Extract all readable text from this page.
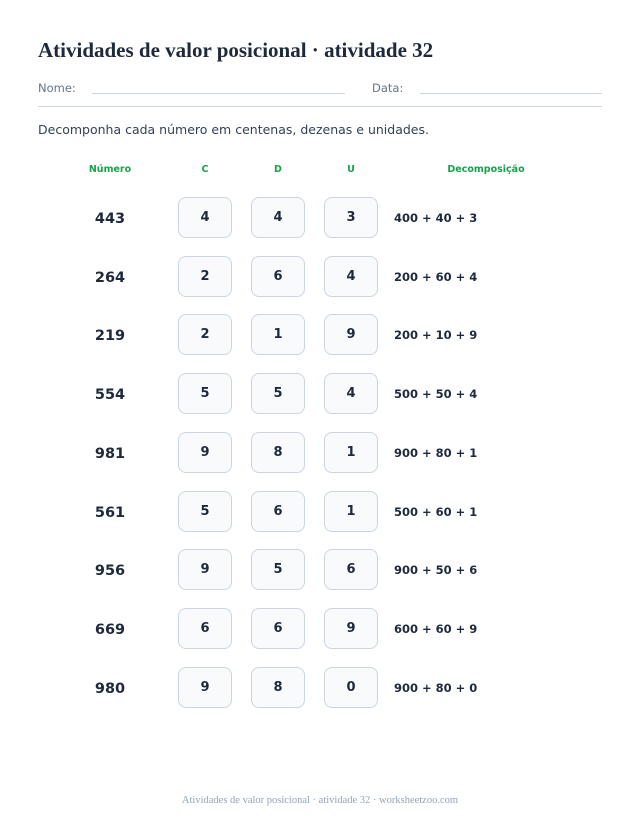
Atividades de valor posicional · atividade 32
Nome:	Data:
Decomponha cada número em centenas, dezenas e unidades.
Número	C	D	U	Decomposição
443	4	4	3	400 + 40 + 3
264	2	6	4	200 + 60 + 4
219	2	1	9	200 + 10 + 9
554	5	5	4	500 + 50 + 4
981	9	8	1	900 + 80 + 1
561	5	6	1	500 + 60 + 1
956	9	5	6	900 + 50 + 6
669	6	6	9	600 + 60 + 9
980	9	8	0	900 + 80 + 0
Atividades de valor posicional · atividade 32 · worksheetzoo.com
